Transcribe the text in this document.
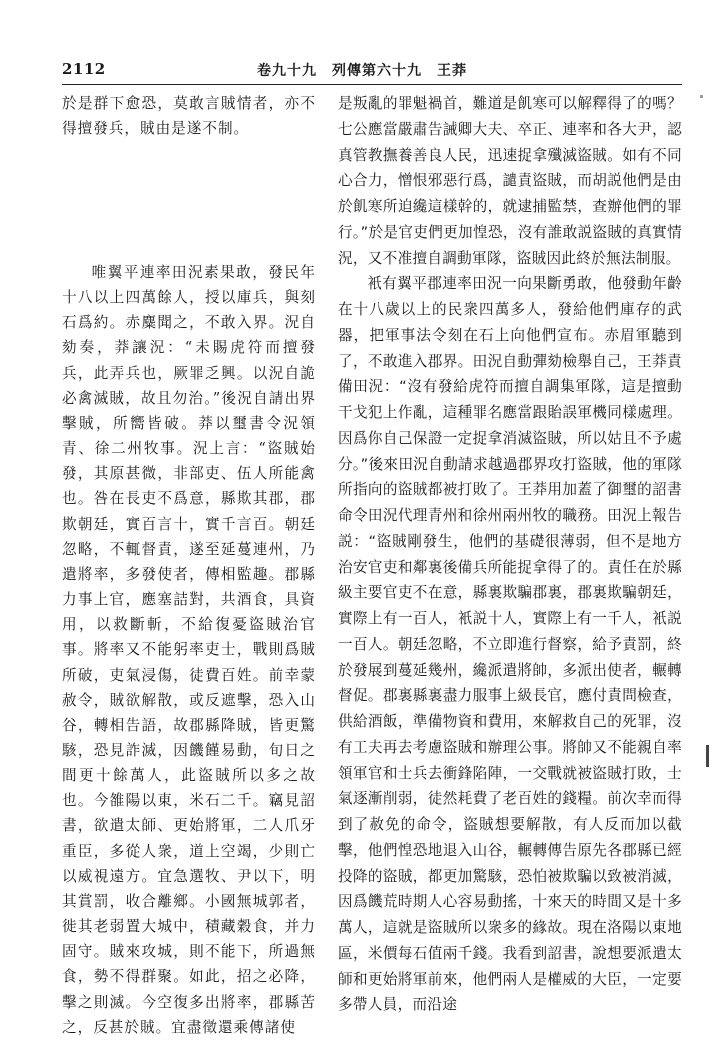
2112	卷九十九　列傳第六十九　王莽

於是群下愈恐，莫敢言賊情者，亦不得擅發兵，賊由是遂不制。

唯翼平連率田況素果敢，發民年十八以上四萬餘人，授以庫兵，與刻石爲約。赤麋聞之，不敢入界。況自劾奏，莽讓況：“未賜虎符而擅發兵，此弄兵也，厥罪乏興。以況自詭必禽滅賊，故且勿治。”後況自請出界擊賊，所嚮皆破。莽以璽書令況領青、徐二州牧事。況上言：“盜賊始發，其原甚微，非部吏、伍人所能禽也。咎在長吏不爲意，縣欺其郡，郡欺朝廷，實百言十，實千言百。朝廷忽略，不輒督責，遂至延蔓連州，乃遣將率，多發使者，傳相監趣。郡縣力事上官，應塞詰對，共酒食，具資用，以救斷斬，不給復憂盜賊治官事。將率又不能躬率吏士，戰則爲賊所破，吏氣浸傷，徒費百姓。前幸蒙赦令，賊欲解散，或反遮擊，恐入山谷，轉相告語，故郡縣降賊，皆更驚駭，恐見詐滅，因饑饉易動，旬日之間更十餘萬人，此盜賊所以多之故也。今雒陽以東，米石二千。竊見詔書，欲遣太師、更始將軍，二人爪牙重臣，多從人衆，道上空竭，少則亡以威視遠方。宜急選牧、尹以下，明其賞罰，收合離鄉。小國無城郭者，徙其老弱置大城中，積藏穀食，并力固守。賊來攻城，則不能下，所過無食，勢不得群聚。如此，招之必降，擊之則滅。今空復多出將率，郡縣苦之，反甚於賊。宜盡徵還乘傳諸使

是叛亂的罪魁禍首，難道是飢寒可以解釋得了的嗎？七公應當嚴肅告誡卿大夫、卒正、連率和各大尹，認真管教撫養善良人民，迅速捉拿殲滅盜賊。如有不同心合力，憎恨邪惡行爲，譴責盜賊，而胡説他們是由於飢寒所迫纔這樣幹的，就逮捕監禁，查辦他們的罪行。”於是官吏們更加惶恐，沒有誰敢説盜賊的真實情況，又不准擅自調動軍隊，盜賊因此終於無法制服。
衹有翼平郡連率田況一向果斷勇敢，他發動年齡在十八歲以上的民衆四萬多人，發給他們庫存的武器，把軍事法令刻在石上向他們宣布。赤眉軍聽到了，不敢進入郡界。田況自動彈劾檢舉自己，王莽責備田況：“沒有發給虎符而擅自調集軍隊，這是擅動干戈犯上作亂，這種罪名應當跟貽誤軍機同樣處理。因爲你自己保證一定捉拿消滅盜賊，所以姑且不予處分。”後來田況自動請求越過郡界攻打盜賊，他的軍隊所指向的盜賊都被打敗了。王莽用加蓋了御璽的詔書命令田況代理青州和徐州兩州牧的職務。田況上報告説：“盜賊剛發生，他們的基礎很薄弱，但不是地方治安官吏和鄰裏後備兵所能捉拿得了的。責任在於縣級主要官吏不在意，縣裏欺騙郡裏，郡裏欺騙朝廷，實際上有一百人，衹説十人，實際上有一千人，衹説一百人。朝廷忽略，不立即進行督察，給予責罰，終於發展到蔓延幾州，纔派遣將帥，多派出使者，輾轉督促。郡裏縣裏盡力服事上級長官，應付責問檢查，供給酒飯，準備物資和費用，來解救自己的死罪，沒有工夫再去考慮盜賊和辦理公事。將帥又不能親自率領軍官和士兵去衝鋒陷陣，一交戰就被盜賊打敗，士氣逐漸削弱，徒然耗費了老百姓的錢糧。前次幸而得到了赦免的命令，盜賊想要解散，有人反而加以截擊，他們惶恐地退入山谷，輾轉傳告原先各郡縣已經投降的盜賊，都更加驚駭，恐怕被欺騙以致被消滅，因爲饑荒時期人心容易動搖，十來天的時間又是十多萬人，這就是盜賊所以衆多的緣故。現在洛陽以東地區，米價每石值兩千錢。我看到詔書，說想要派遣太師和更始將軍前來，他們兩人是權威的大臣，一定要多帶人員，而沿途
